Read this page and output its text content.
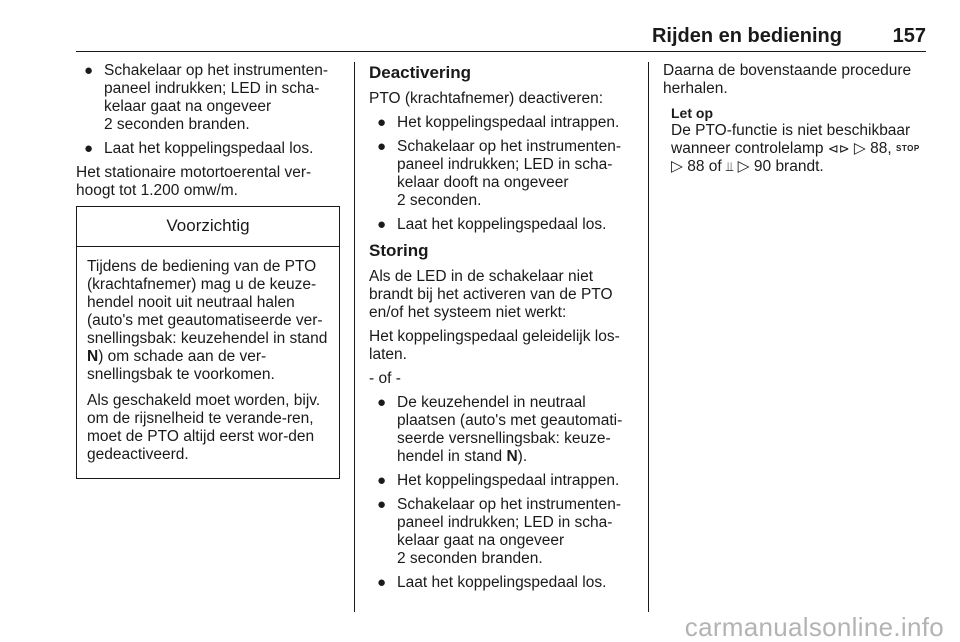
Rijden en bediening	157
● Schakelaar op het instrumenten-
paneel indrukken; LED in scha-
kelaar gaat na ongeveer
2 seconden branden.
● Laat het koppelingspedaal los.

Het stationaire motortoerental ver-
hoogt tot 1.200 omw/m.

Voorzichtig

Tijdens de bediening van de PTO (krachtafnemer) mag u de keuze-hendel nooit uit neutraal halen (auto's met geautomatiseerde ver-snellingsbak: keuzehendel in stand N) om schade aan de ver-snellingsbak te voorkomen.

Als geschakeld moet worden, bijv. om de rijsnelheid te verande-ren, moet de PTO altijd eerst wor-den gedeactiveerd.

Deactivering

PTO (krachtafnemer) deactiveren:

● Het koppelingspedaal intrappen.
● Schakelaar op het instrumenten-
paneel indrukken; LED in scha-
kelaar dooft na ongeveer
2 seconden.
● Laat het koppelingspedaal los.
Storing

Als de LED in de schakelaar niet brandt bij het activeren van de PTO en/of het systeem niet werkt:

Het koppelingspedaal geleidelijk los-laten.

- of -

● De keuzehendel in neutraal plaatsen (auto's met geautomati-seerde versnellingsbak: keuze-hendel in stand N).
● Het koppelingspedaal intrappen.
● Schakelaar op het instrumenten-
paneel indrukken; LED in scha-
kelaar gaat na ongeveer
2 seconden branden.
● Laat het koppelingspedaal los.

Daarna de bovenstaande procedure herhalen.

Let op
De PTO-functie is niet beschikbaar wanneer controlelamp ⊲⊳ ▷ 88, STOP
▷ 88 of ⫫ ▷ 90 brandt.
carmanualsonline.info
